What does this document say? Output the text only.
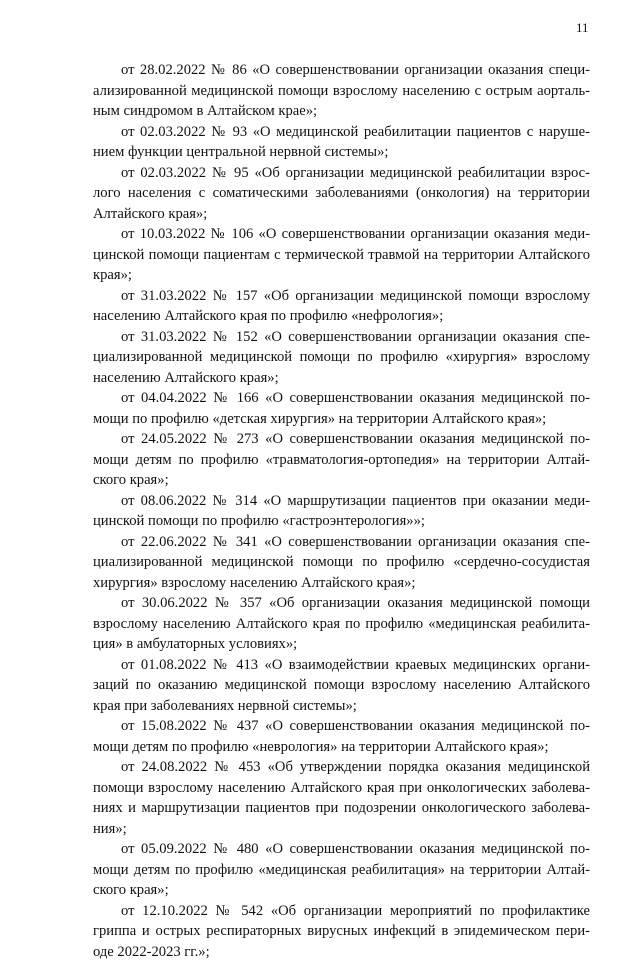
11

от 28.02.2022 № 86 «О совершенствовании организации оказания специ-
ализированной медицинской помощи взрослому населению с острым аорталь-
ным синдромом в Алтайском крае»;

от 02.03.2022 № 93 «О медицинской реабилитации пациентов с наруше-
нием функции центральной нервной системы»;

от 02.03.2022 № 95 «Об организации медицинской реабилитации взрос-
лого населения с соматическими заболеваниями (онкология) на территории
Алтайского края»;

от 10.03.2022 № 106 «О совершенствовании организации оказания меди-
цинской помощи пациентам с термической травмой на территории Алтайского
края»;

от 31.03.2022 № 157 «Об организации медицинской помощи взрослому
населению Алтайского края по профилю «нефрология»;

от 31.03.2022 № 152 «О совершенствовании организации оказания спе-
циализированной медицинской помощи по профилю «хирургия» взрослому
населению Алтайского края»;

от 04.04.2022 № 166 «О совершенствовании оказания медицинской по-
мощи по профилю «детская хирургия» на территории Алтайского края»;

от 24.05.2022 № 273 «О совершенствовании оказания медицинской по-
мощи детям по профилю «травматология-ортопедия» на территории Алтай-
ского края»;

от 08.06.2022 № 314 «О маршрутизации пациентов при оказании меди-
цинской помощи по профилю «гастроэнтерология»»;

от 22.06.2022 № 341 «О совершенствовании организации оказания спе-
циализированной медицинской помощи по профилю «сердечно-сосудистая
хирургия» взрослому населению Алтайского края»;

от 30.06.2022 № 357 «Об организации оказания медицинской помощи
взрослому населению Алтайского края по профилю «медицинская реабилита-
ция» в амбулаторных условиях»;

от 01.08.2022 № 413 «О взаимодействии краевых медицинских органи-
заций по оказанию медицинской помощи взрослому населению Алтайского
края при заболеваниях нервной системы»;

от 15.08.2022 № 437 «О совершенствовании оказания медицинской по-
мощи детям по профилю «неврология» на территории Алтайского края»;

от 24.08.2022 № 453 «Об утверждении порядка оказания медицинской
помощи взрослому населению Алтайского края при онкологических заболева-
ниях и маршрутизации пациентов при подозрении онкологического заболева-
ния»;

от 05.09.2022 № 480 «О совершенствовании оказания медицинской по-
мощи детям по профилю «медицинская реабилитация» на территории Алтай-
ского края»;

от 12.10.2022 № 542 «Об организации мероприятий по профилактике
гриппа и острых респираторных вирусных инфекций в эпидемическом пери-
оде 2022-2023 гг.»;
